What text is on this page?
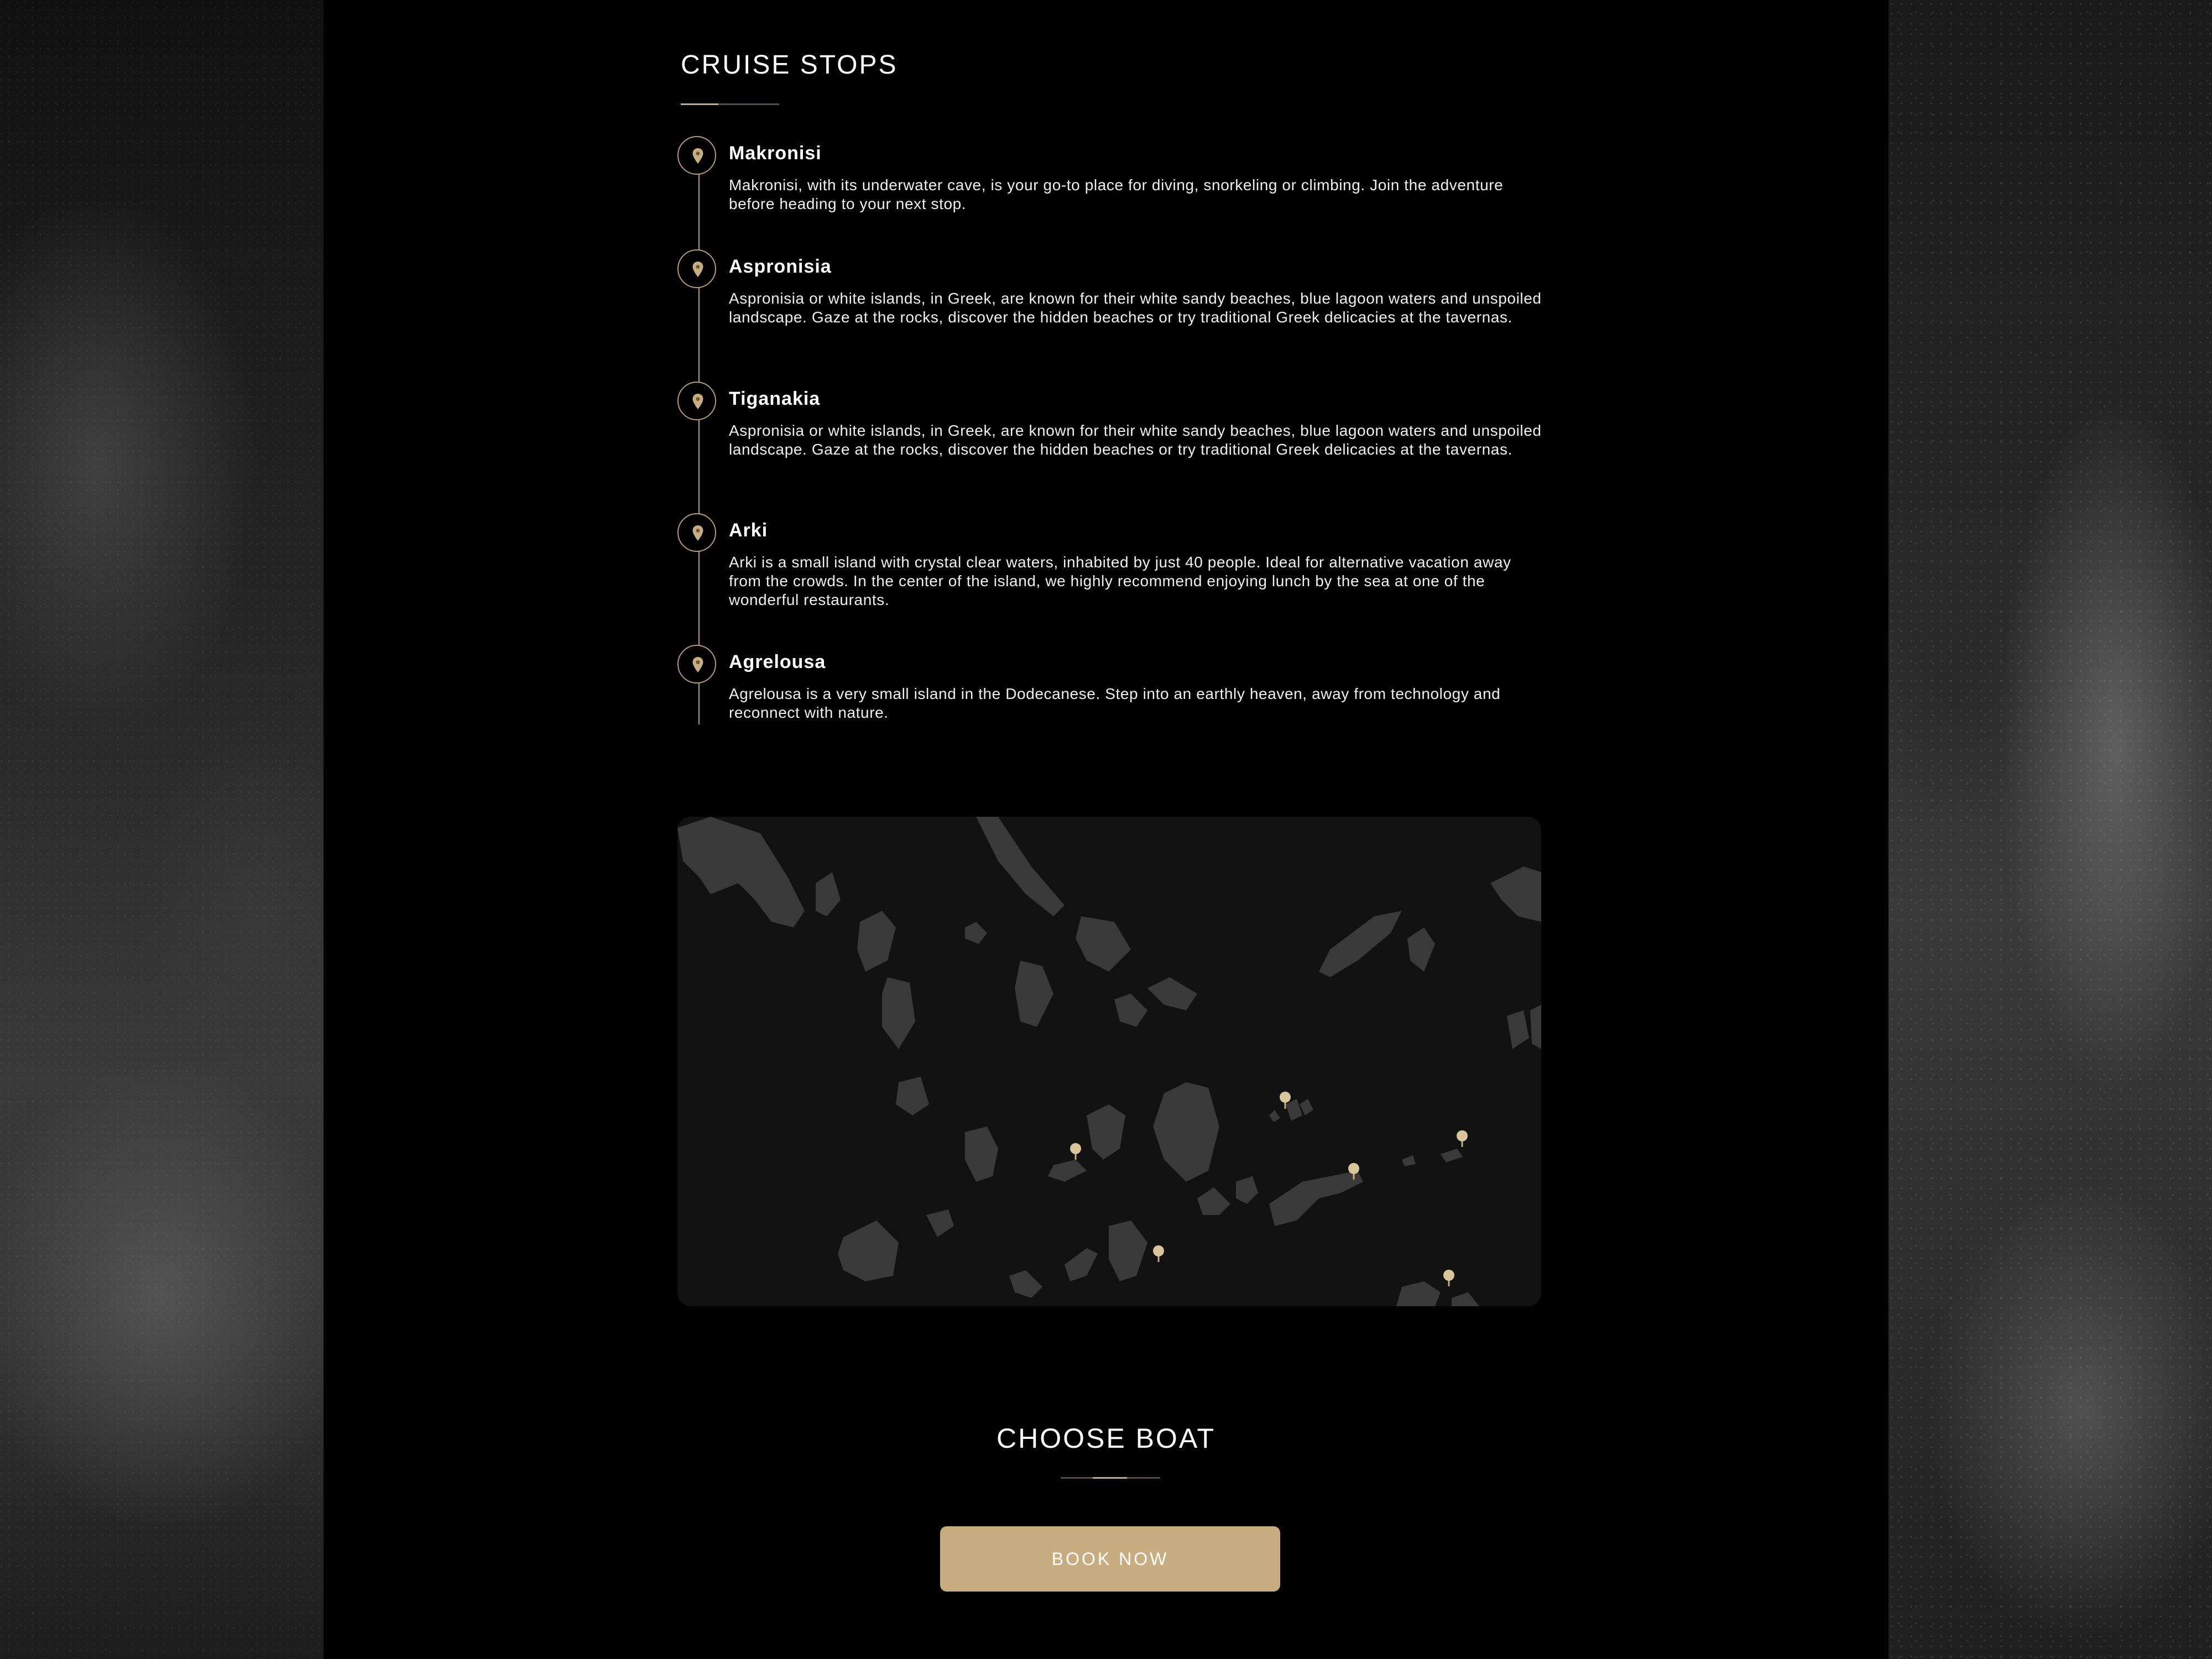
CRUISE STOPS
Makronisi

Makronisi, with its underwater cave, is your go-to place for diving, snorkeling or climbing. Join the adventure before heading to your next stop.

Aspronisia

Aspronisia or white islands, in Greek, are known for their white sandy beaches, blue lagoon waters and unspoiled landscape. Gaze at the rocks, discover the hidden beaches or try traditional Greek delicacies at the tavernas.

Tiganakia

Aspronisia or white islands, in Greek, are known for their white sandy beaches, blue lagoon waters and unspoiled landscape. Gaze at the rocks, discover the hidden beaches or try traditional Greek delicacies at the tavernas.

Arki

Arki is a small island with crystal clear waters, inhabited by just 40 people. Ideal for alternative vacation away from the crowds. In the center of the island, we highly recommend enjoying lunch by the sea at one of the wonderful restaurants.

Agrelousa

Agrelousa is a very small island in the Dodecanese. Step into an earthly heaven, away from technology and reconnect with nature.

CHOOSE BOAT
BOOK NOW
